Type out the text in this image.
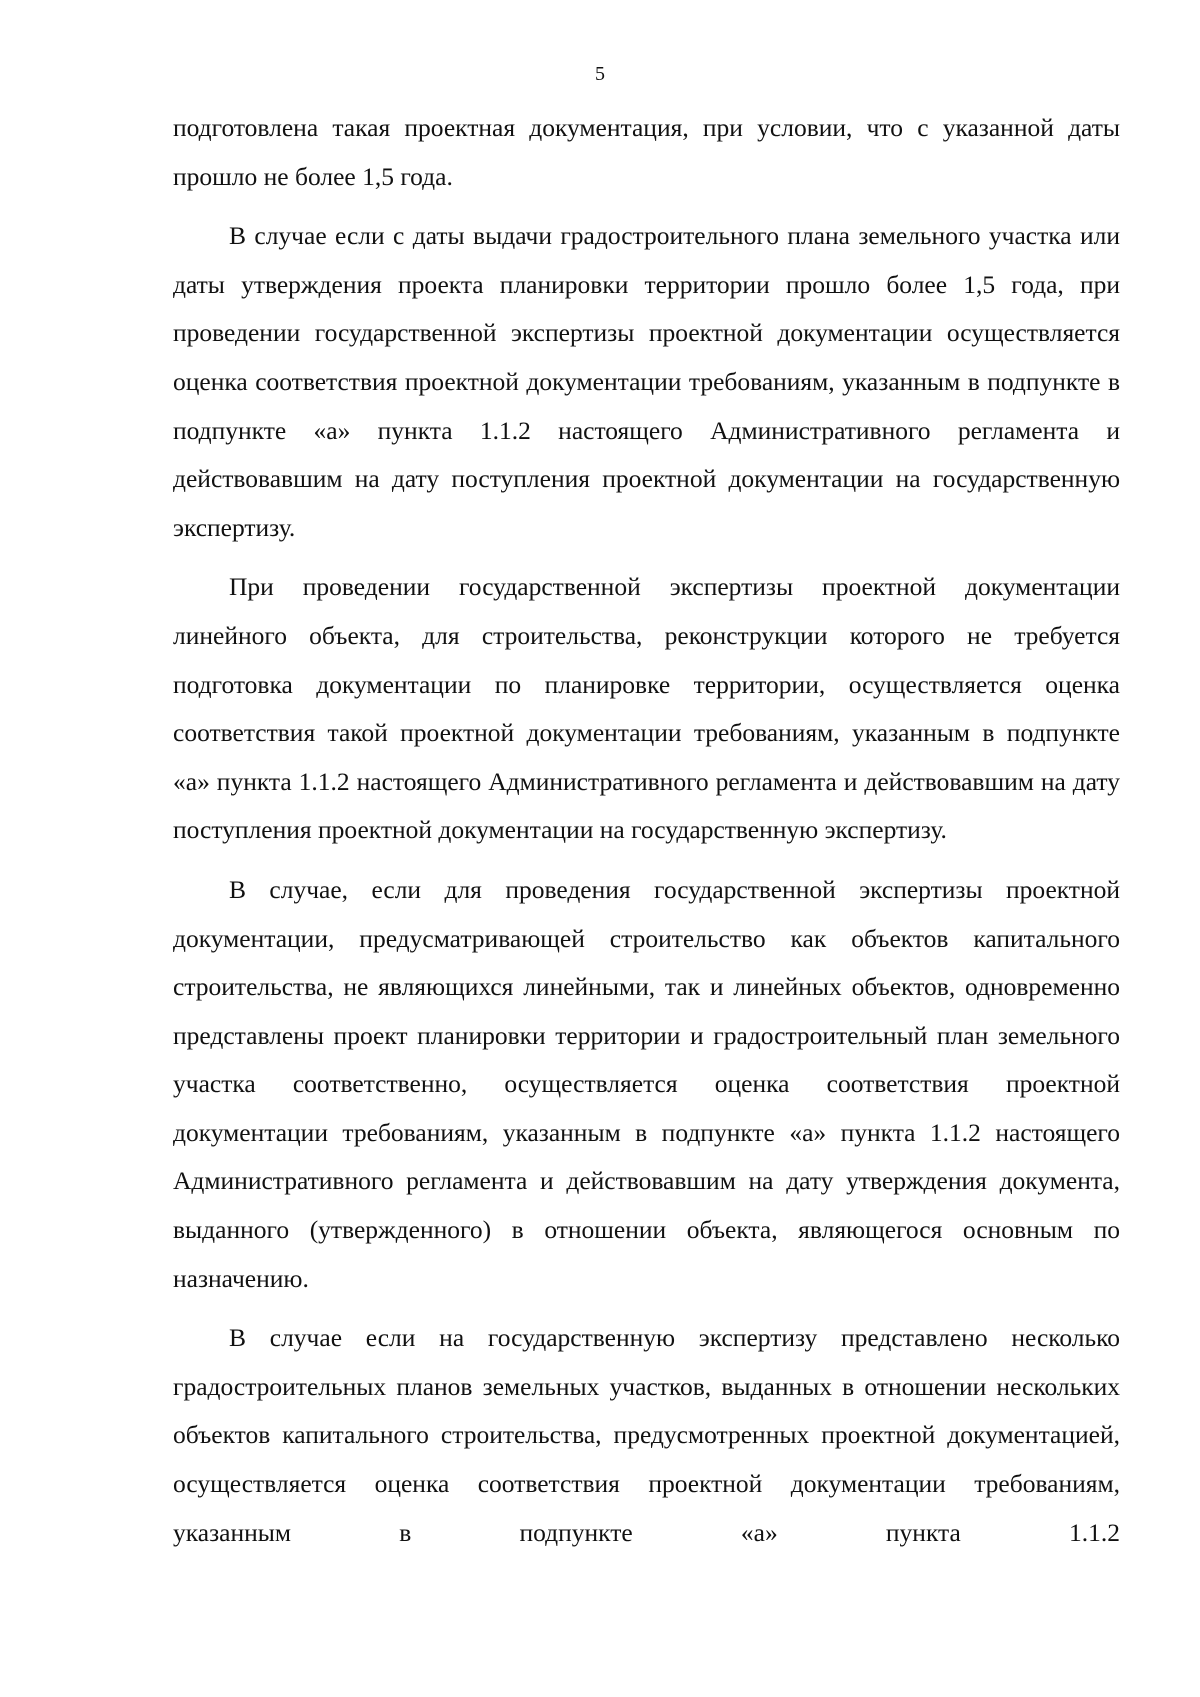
5

подготовлена такая проектная документация, при условии, что с указанной даты прошло не более 1,5 года.

В случае если с даты выдачи градостроительного плана земельного участка или даты утверждения проекта планировки территории прошло более 1,5 года, при проведении государственной экспертизы проектной документации осуществляется оценка соответствия проектной документации требованиям, указанным в подпункте в подпункте «а» пункта 1.1.2 настоящего Административного регламента и действовавшим на дату поступления проектной документации на государственную экспертизу.

При проведении государственной экспертизы проектной документации линейного объекта, для строительства, реконструкции которого не требуется подготовка документации по планировке территории, осуществляется оценка соответствия такой проектной документации требованиям, указанным в подпункте «а» пункта 1.1.2 настоящего Административного регламента и действовавшим на дату поступления проектной документации на государственную экспертизу.

В случае, если для проведения государственной экспертизы проектной документации, предусматривающей строительство как объектов капитального строительства, не являющихся линейными, так и линейных объектов, одновременно представлены проект планировки территории и градостроительный план земельного участка соответственно, осуществляется оценка соответствия проектной документации требованиям, указанным в подпункте «а» пункта 1.1.2 настоящего Административного регламента и действовавшим на дату утверждения документа, выданного (утвержденного) в отношении объекта, являющегося основным по назначению.

В случае если на государственную экспертизу представлено несколько градостроительных планов земельных участков, выданных в отношении нескольких объектов капитального строительства, предусмотренных проектной документацией, осуществляется оценка соответствия проектной документации требованиям, указанным в подпункте «а» пункта 1.1.2
